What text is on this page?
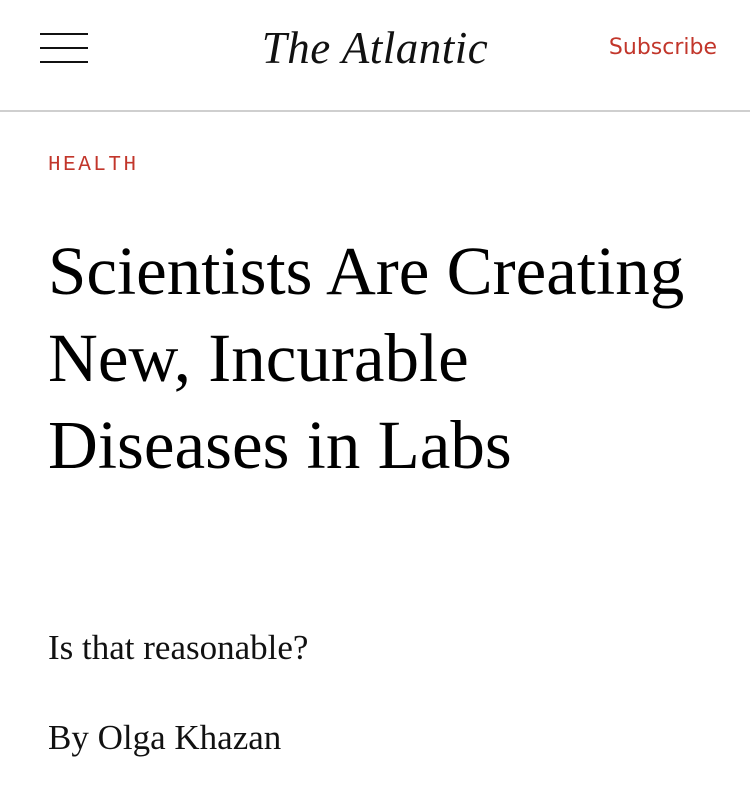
The Atlantic	Subscribe
HEALTH
Scientists Are Creating New, Incurable Diseases in Labs
Is that reasonable?
By Olga Khazan
